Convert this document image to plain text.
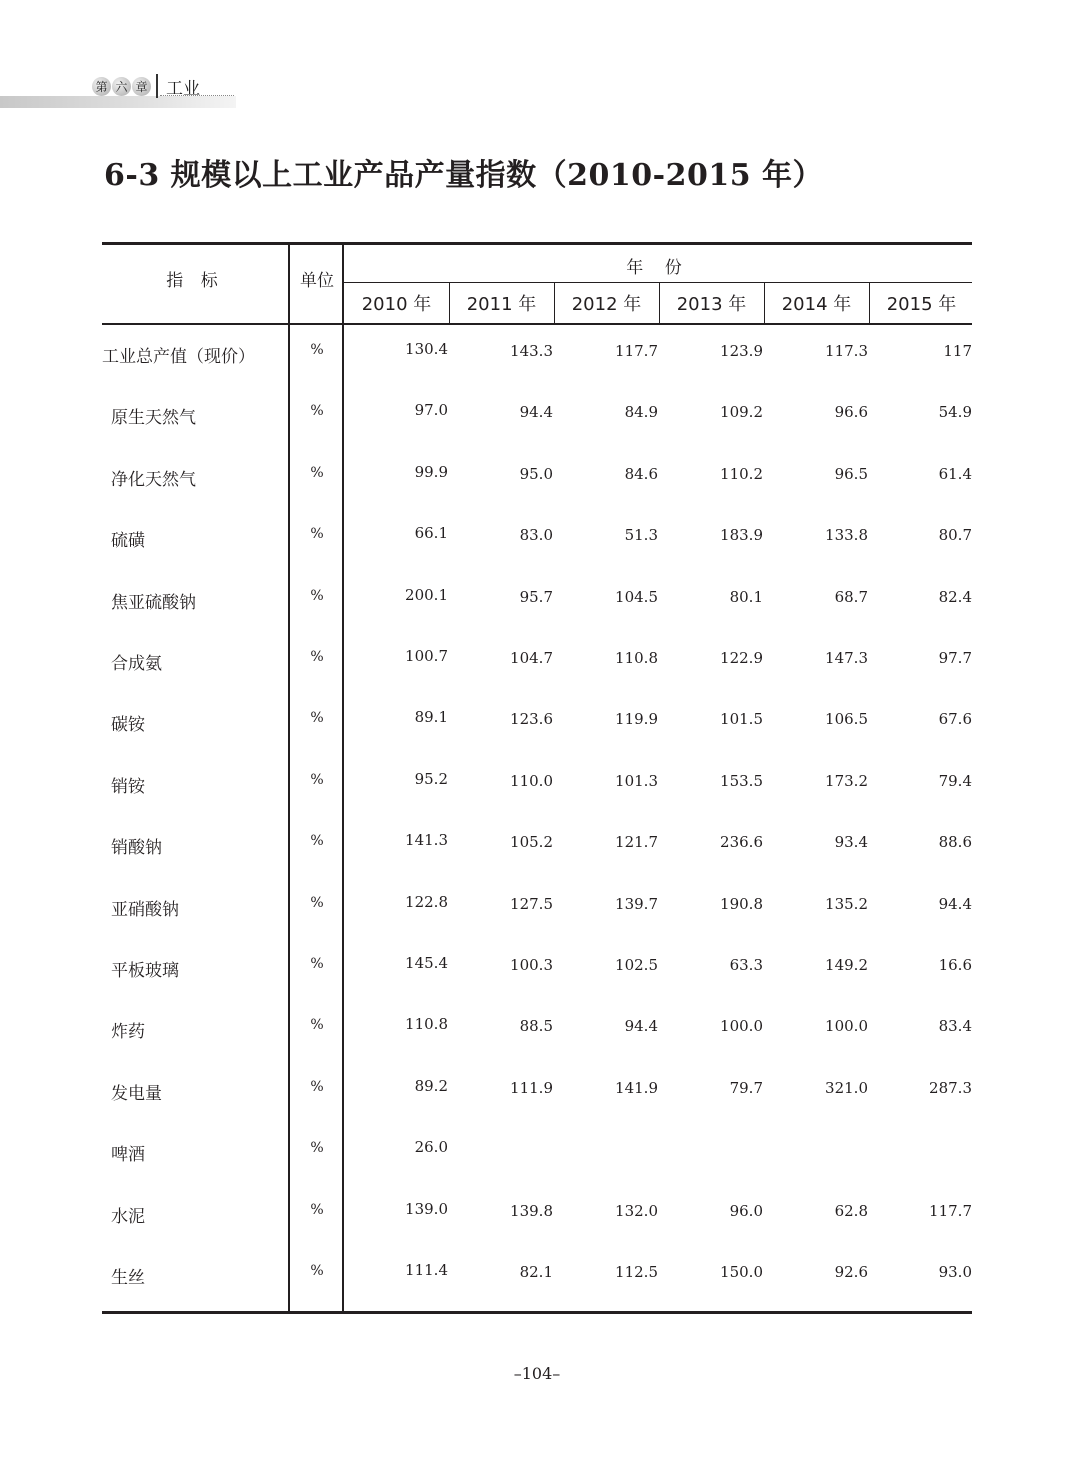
第 六 章 工业
6-3 规模以上工业产品产量指数（2010-2015 年）
指 标	单位
年 份
2010 年	2011 年	2012 年	2013 年	2014 年	2015 年
工业总产值（现价）	%	130.4	143.3	117.7	123.9	117.3	117
原生天然气	%	97.0	94.4	84.9	109.2	96.6	54.9
净化天然气	%	99.9	95.0	84.6	110.2	96.5	61.4
硫磺	%	66.1	83.0	51.3	183.9	133.8	80.7
焦亚硫酸钠	%	200.1	95.7	104.5	80.1	68.7	82.4
合成氨	%	100.7	104.7	110.8	122.9	147.3	97.7
碳铵	%	89.1	123.6	119.9	101.5	106.5	67.6
销铵	%	95.2	110.0	101.3	153.5	173.2	79.4
销酸钠	%	141.3	105.2	121.7	236.6	93.4	88.6
亚硝酸钠	%	122.8	127.5	139.7	190.8	135.2	94.4
平板玻璃	%	145.4	100.3	102.5	63.3	149.2	16.6
炸药	%	110.8	88.5	94.4	100.0	100.0	83.4
发电量	%	89.2	111.9	141.9	79.7	321.0	287.3
啤酒	%	26.0
水泥	%	139.0	139.8	132.0	96.0	62.8	117.7
生丝	%	111.4	82.1	112.5	150.0	92.6	93.0
–104–
